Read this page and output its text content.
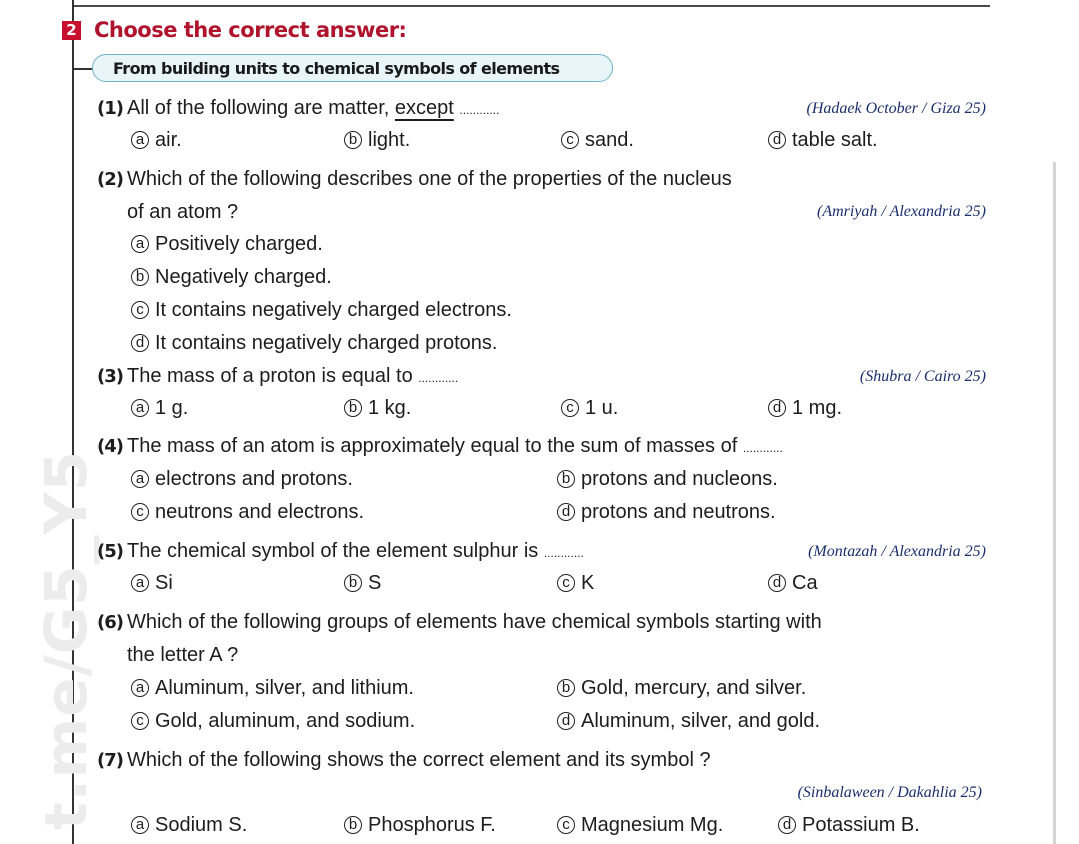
t.me/G5_Y5
2 Choose the correct answer:
From building units to chemical symbols of elements
(1) All of the following are matter, except ............	(Hadaek October / Giza 25)
a air.	b light.	c sand.	d table salt.
(2) Which of the following describes one of the properties of the nucleus
of an atom ?	(Amriyah / Alexandria 25)
a Positively charged.
b Negatively charged.
c It contains negatively charged electrons.
d It contains negatively charged protons.
(3) The mass of a proton is equal to ............	(Shubra / Cairo 25)
a 1 g.	b 1 kg.	c 1 u.	d 1 mg.
(4) The mass of an atom is approximately equal to the sum of masses of ............
a electrons and protons.	b protons and nucleons.
c neutrons and electrons.	d protons and neutrons.
(5) The chemical symbol of the element sulphur is ............	(Montazah / Alexandria 25)
a Si	b S	c K	d Ca
(6) Which of the following groups of elements have chemical symbols starting with
the letter A ?
a Aluminum, silver, and lithium.	b Gold, mercury, and silver.
c Gold, aluminum, and sodium.	d Aluminum, silver, and gold.
(7) Which of the following shows the correct element and its symbol ?
(Sinbalaween / Dakahlia 25)
a Sodium S.	b Phosphorus F.	c Magnesium Mg.	d Potassium B.
